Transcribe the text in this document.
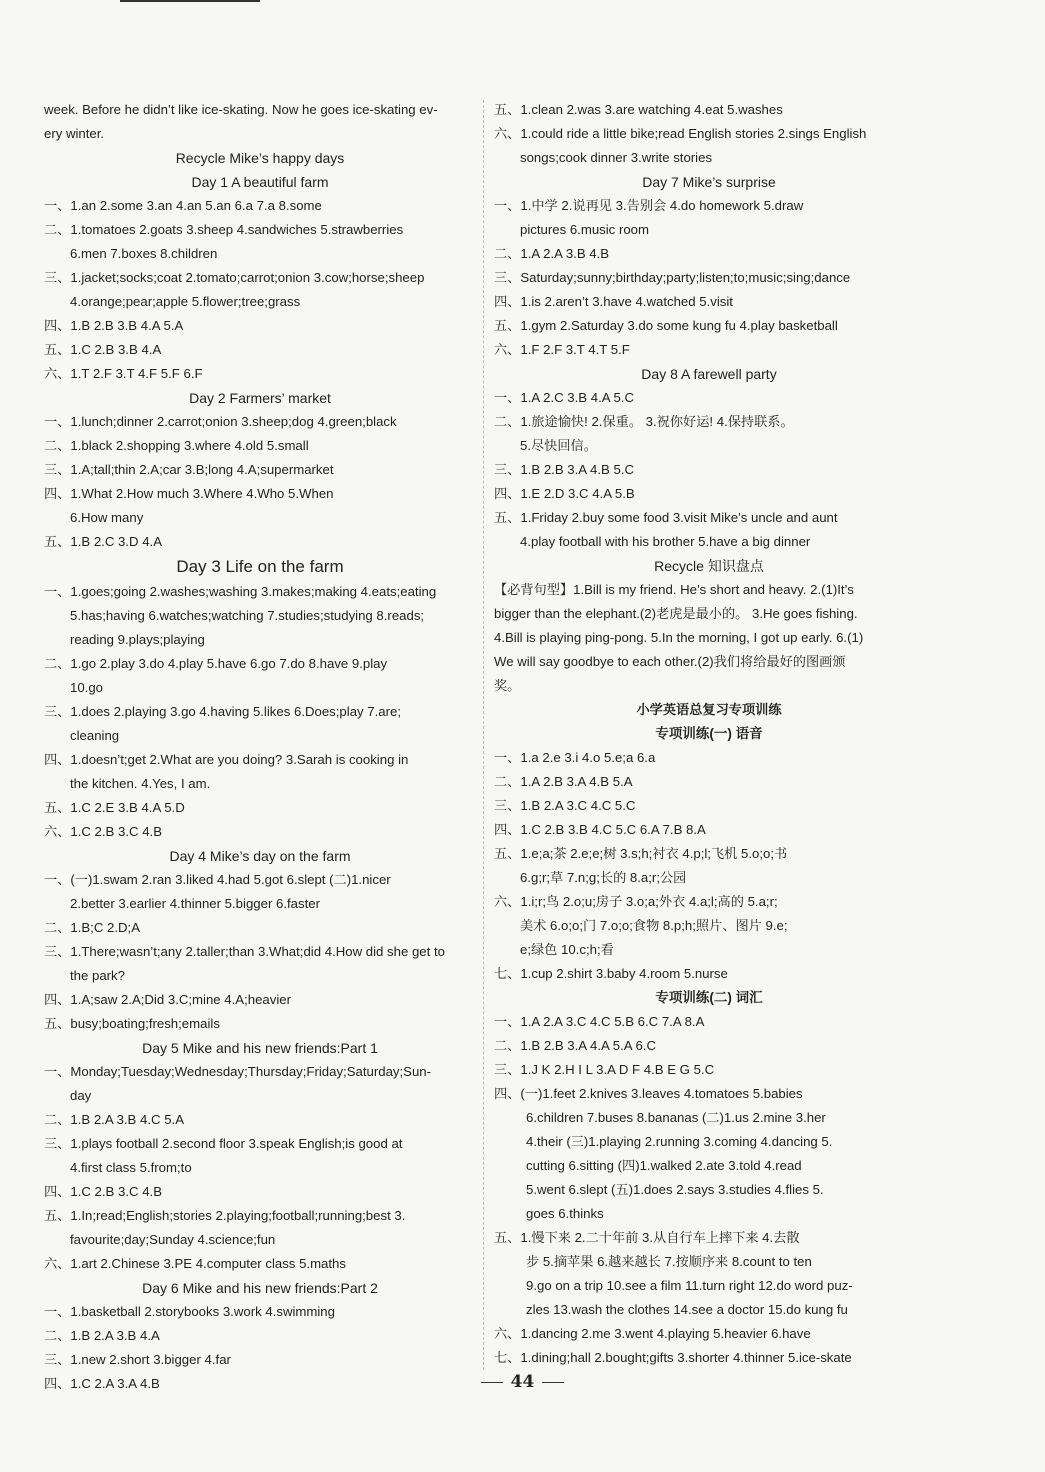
week. Before he didn’t like ice-skating. Now he goes ice-skating ev-
ery winter.
Recycle Mike’s happy days
Day 1 A beautiful farm
一、1.an 2.some 3.an 4.an 5.an 6.a 7.a 8.some
二、1.tomatoes 2.goats 3.sheep 4.sandwiches 5.strawberries
6.men 7.boxes 8.children
三、1.jacket;socks;coat 2.tomato;carrot;onion 3.cow;horse;sheep
4.orange;pear;apple 5.flower;tree;grass
四、1.B 2.B 3.B 4.A 5.A
五、1.C 2.B 3.B 4.A
六、1.T 2.F 3.T 4.F 5.F 6.F
Day 2 Farmers’ market
一、1.lunch;dinner 2.carrot;onion 3.sheep;dog 4.green;black
二、1.black 2.shopping 3.where 4.old 5.small
三、1.A;tall;thin 2.A;car 3.B;long 4.A;supermarket
四、1.What 2.How much 3.Where 4.Who 5.When
6.How many
五、1.B 2.C 3.D 4.A
Day 3 Life on the farm
一、1.goes;going 2.washes;washing 3.makes;making 4.eats;eating
5.has;having 6.watches;watching 7.studies;studying 8.reads;
reading 9.plays;playing
二、1.go 2.play 3.do 4.play 5.have 6.go 7.do 8.have 9.play
10.go
三、1.does 2.playing 3.go 4.having 5.likes 6.Does;play 7.are;
cleaning
四、1.doesn’t;get 2.What are you doing? 3.Sarah is cooking in
the kitchen. 4.Yes, I am.
五、1.C 2.E 3.B 4.A 5.D
六、1.C 2.B 3.C 4.B
Day 4 Mike’s day on the farm
一、(一)1.swam 2.ran 3.liked 4.had 5.got 6.slept (二)1.nicer
2.better 3.earlier 4.thinner 5.bigger 6.faster
二、1.B;C 2.D;A
三、1.There;wasn’t;any 2.taller;than 3.What;did 4.How did she get to
the park?
四、1.A;saw 2.A;Did 3.C;mine 4.A;heavier
五、busy;boating;fresh;emails
Day 5 Mike and his new friends:Part 1
一、Monday;Tuesday;Wednesday;Thursday;Friday;Saturday;Sun-
day
二、1.B 2.A 3.B 4.C 5.A
三、1.plays football 2.second floor 3.speak English;is good at
4.first class 5.from;to
四、1.C 2.B 3.C 4.B
五、1.In;read;English;stories 2.playing;football;running;best 3.
favourite;day;Sunday 4.science;fun
六、1.art 2.Chinese 3.PE 4.computer class 5.maths
Day 6 Mike and his new friends:Part 2
一、1.basketball 2.storybooks 3.work 4.swimming
二、1.B 2.A 3.B 4.A
三、1.new 2.short 3.bigger 4.far
四、1.C 2.A 3.A 4.B
五、1.clean 2.was 3.are watching 4.eat 5.washes
六、1.could ride a little bike;read English stories 2.sings English
songs;cook dinner 3.write stories
Day 7 Mike’s surprise
一、1.中学 2.说再见 3.告别会 4.do homework 5.draw
pictures 6.music room
二、1.A 2.A 3.B 4.B
三、Saturday;sunny;birthday;party;listen;to;music;sing;dance
四、1.is 2.aren’t 3.have 4.watched 5.visit
五、1.gym 2.Saturday 3.do some kung fu 4.play basketball
六、1.F 2.F 3.T 4.T 5.F
Day 8 A farewell party
一、1.A 2.C 3.B 4.A 5.C
二、1.旅途愉快! 2.保重。 3.祝你好运! 4.保持联系。
5.尽快回信。
三、1.B 2.B 3.A 4.B 5.C
四、1.E 2.D 3.C 4.A 5.B
五、1.Friday 2.buy some food 3.visit Mike’s uncle and aunt
4.play football with his brother 5.have a big dinner
Recycle 知识盘点
【必背句型】1.Bill is my friend. He’s short and heavy. 2.(1)It’s
bigger than the elephant.(2)老虎是最小的。 3.He goes fishing.
4.Bill is playing ping-pong. 5.In the morning, I got up early. 6.(1)
We will say goodbye to each other.(2)我们将给最好的图画颁
奖。
小学英语总复习专项训练
专项训练(一) 语音
一、1.a 2.e 3.i 4.o 5.e;a 6.a
二、1.A 2.B 3.A 4.B 5.A
三、1.B 2.A 3.C 4.C 5.C
四、1.C 2.B 3.B 4.C 5.C 6.A 7.B 8.A
五、1.e;a;茶 2.e;e;树 3.s;h;衬衣 4.p;l;飞机 5.o;o;书
6.g;r;草 7.n;g;长的 8.a;r;公园
六、1.i;r;鸟 2.o;u;房子 3.o;a;外衣 4.a;l;高的 5.a;r;
美术 6.o;o;门 7.o;o;食物 8.p;h;照片、图片 9.e;
e;绿色 10.c;h;看
七、1.cup 2.shirt 3.baby 4.room 5.nurse
专项训练(二) 词汇
一、1.A 2.A 3.C 4.C 5.B 6.C 7.A 8.A
二、1.B 2.B 3.A 4.A 5.A 6.C
三、1.J K 2.H I L 3.A D F 4.B E G 5.C
四、(一)1.feet 2.knives 3.leaves 4.tomatoes 5.babies
6.children 7.buses 8.bananas (二)1.us 2.mine 3.her
4.their (三)1.playing 2.running 3.coming 4.dancing 5.
cutting 6.sitting (四)1.walked 2.ate 3.told 4.read
5.went 6.slept (五)1.does 2.says 3.studies 4.flies 5.
goes 6.thinks
五、1.慢下来 2.二十年前 3.从自行车上摔下来 4.去散
步 5.摘苹果 6.越来越长 7.按顺序来 8.count to ten
9.go on a trip 10.see a film 11.turn right 12.do word puz-
zles 13.wash the clothes 14.see a doctor 15.do kung fu
六、1.dancing 2.me 3.went 4.playing 5.heavier 6.have
七、1.dining;hall 2.bought;gifts 3.shorter 4.thinner 5.ice-skate
44
